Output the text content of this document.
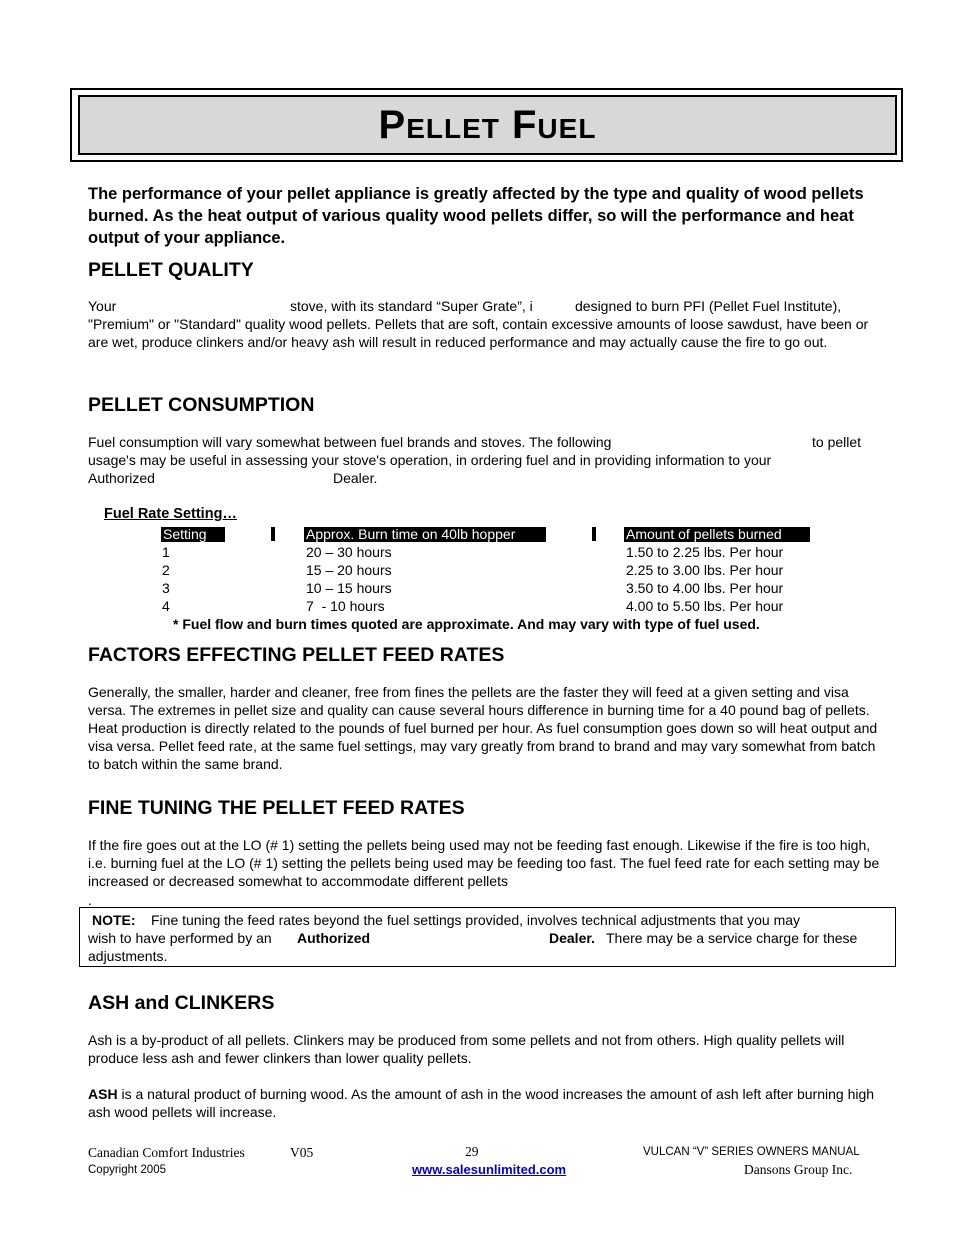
Pellet Fuel
The performance of your pellet appliance is greatly affected by the type and quality of wood pellets burned. As the heat output of various quality wood pellets differ, so will the performance and heat output of your appliance.
PELLET QUALITY
Your	stove, with its standard “Super Grate”, i	designed to burn PFI (Pellet Fuel Institute),
"Premium" or "Standard" quality wood pellets. Pellets that are soft, contain excessive amounts of loose sawdust, have been or are wet, produce clinkers and/or heavy ash will result in reduced performance and may actually cause the fire to go out.
PELLET CONSUMPTION
Fuel consumption will vary somewhat between fuel brands and stoves. The following	to pellet
usage's may be useful in assessing your stove's operation, in ordering fuel and in providing information to your
Authorized	Dealer.
Fuel Rate Setting…
Setting	Approx. Burn time on 40lb hopper	Amount of pellets burned
1	20 – 30 hours	1.50 to 2.25 lbs. Per hour
2	15 – 20 hours	2.25 to 3.00 lbs. Per hour
3	10 – 15 hours	3.50 to 4.00 lbs. Per hour
4	7  - 10 hours	4.00 to 5.50 lbs. Per hour
* Fuel flow and burn times quoted are approximate. And may vary with type of fuel used.
FACTORS EFFECTING PELLET FEED RATES
Generally, the smaller, harder and cleaner, free from fines the pellets are the faster they will feed at a given setting and visa versa. The extremes in pellet size and quality can cause several hours difference in burning time for a 40 pound bag of pellets. Heat production is directly related to the pounds of fuel burned per hour. As fuel consumption goes down so will heat output and visa versa. Pellet feed rate, at the same fuel settings, may vary greatly from brand to brand and may vary somewhat from batch to batch within the same brand.
FINE TUNING THE PELLET FEED RATES
If the fire goes out at the LO (# 1) setting the pellets being used may not be feeding fast enough. Likewise if the fire is too high, i.e. burning fuel at the LO (# 1) setting the pellets being used may be feeding too fast. The fuel feed rate for each setting may be increased or decreased somewhat to accommodate different pellets
.
NOTE: Fine tuning the feed rates beyond the fuel settings provided, involves technical adjustments that you may
wish to have performed by an Authorized	Dealer. There may be a service charge for these
adjustments.
ASH and CLINKERS
Ash is a by-product of all pellets. Clinkers may be produced from some pellets and not from others. High quality pellets will produce less ash and fewer clinkers than lower quality pellets.
ASH is a natural product of burning wood. As the amount of ash in the wood increases the amount of ash left after burning high ash wood pellets will increase.
Canadian Comfort Industries	V05	29	VULCAN “V” SERIES OWNERS MANUAL
Copyright 2005	www.salesunlimited.com	Dansons Group Inc.
